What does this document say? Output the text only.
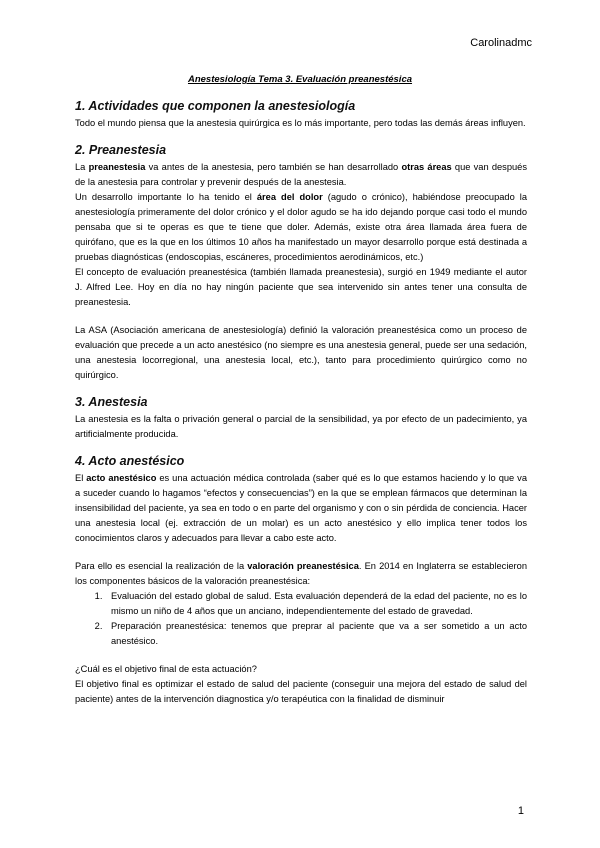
Carolinadmc
Anestesiología Tema 3. Evaluación preanestésica
1. Actividades que componen la anestesiología

Todo el mundo piensa que la anestesia quirúrgica es lo más importante, pero todas las demás áreas influyen.

2. Preanestesia

La preanestesia va antes de la anestesia, pero también se han desarrollado otras áreas que van después de la anestesia para controlar y prevenir después de la anestesia.

Un desarrollo importante lo ha tenido el área del dolor (agudo o crónico), habiéndose preocupado la anestesiología primeramente del dolor crónico y el dolor agudo se ha ido dejando porque casi todo el mundo pensaba que si te operas es que te tiene que doler. Además, existe otra área llamada área fuera de quirófano, que es la que en los últimos 10 años ha manifestado un mayor desarrollo porque está destinada a pruebas diagnósticas (endoscopias, escáneres, procedimientos aerodinámicos, etc.)

El concepto de evaluación preanestésica (también llamada preanestesia), surgió en 1949 mediante el autor J. Alfred Lee. Hoy en día no hay ningún paciente que sea intervenido sin antes tener una consulta de preanestesia.

La ASA (Asociación americana de anestesiología) definió la valoración preanestésica como un proceso de evaluación que precede a un acto anestésico (no siempre es una anestesia general, puede ser una sedación, una anestesia locorregional, una anestesia local, etc.), tanto para procedimiento quirúrgico como no quirúrgico.

3. Anestesia

La anestesia es la falta o privación general o parcial de la sensibilidad, ya por efecto de un padecimiento, ya artificialmente producida.

4. Acto anestésico

El acto anestésico es una actuación médica controlada (saber qué es lo que estamos haciendo y lo que va a suceder cuando lo hagamos “efectos y consecuencias”) en la que se emplean fármacos que determinan la insensibilidad del paciente, ya sea en todo o en parte del organismo y con o sin pérdida de conciencia. Hacer una anestesia local (ej. extracción de un molar) es un acto anestésico y ello implica tener todos los conocimientos claros y adecuados para llevar a cabo este acto.

Para ello es esencial la realización de la valoración preanestésica. En 2014 en Inglaterra se establecieron los componentes básicos de la valoración preanestésica:

1. Evaluación del estado global de salud. Esta evaluación dependerá de la edad del paciente, no es lo mismo un niño de 4 años que un anciano, independientemente del estado de gravedad.
2. Preparación preanestésica: tenemos que preprar al paciente que va a ser sometido a un acto anestésico.

¿Cuál es el objetivo final de esta actuación?

El objetivo final es optimizar el estado de salud del paciente (conseguir una mejora del estado de salud del paciente) antes de la intervención diagnostica y/o terapéutica con la finalidad de disminuir

1
